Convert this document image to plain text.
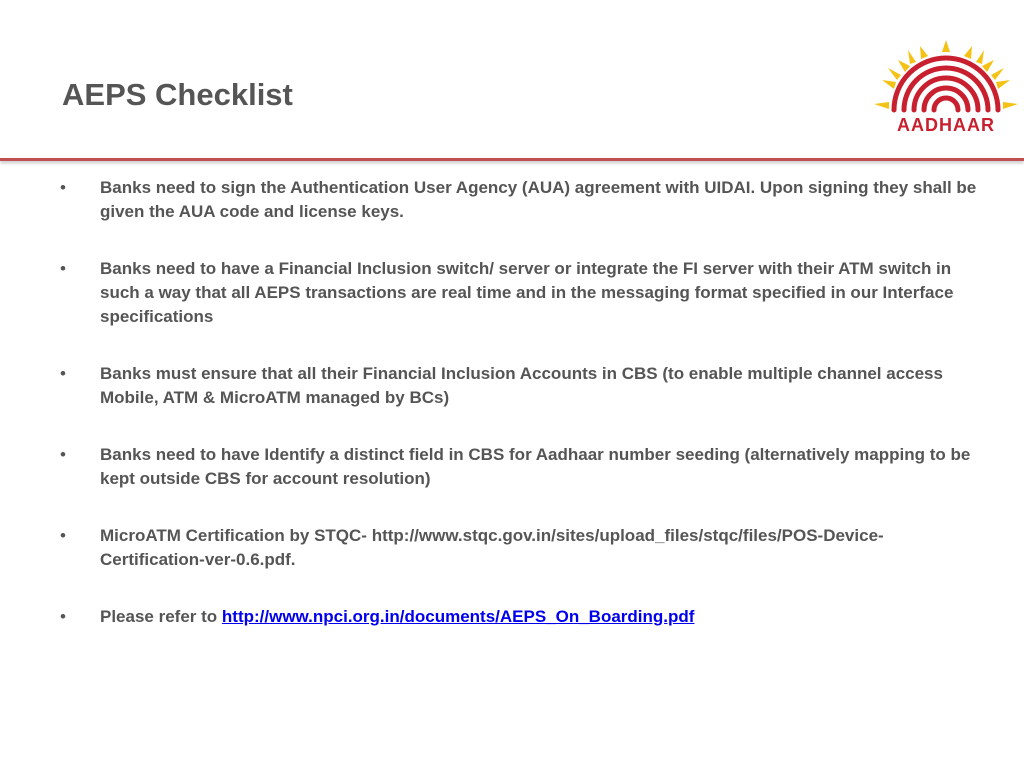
AEPS Checklist
AADHAAR
• Banks need to sign the Authentication User Agency (AUA) agreement with UIDAI. Upon signing they shall be given the AUA code and license keys.
• Banks need to have a Financial Inclusion switch/ server or integrate the FI server with their ATM switch in such a way that all AEPS transactions are real time and in the messaging format specified in our Interface specifications
• Banks must ensure that all their Financial Inclusion Accounts in CBS (to enable multiple channel access Mobile, ATM & MicroATM managed by BCs)
• Banks need to have Identify a distinct field in CBS for Aadhaar number seeding (alternatively mapping to be kept outside CBS for account resolution)
• MicroATM Certification by STQC- http://www.stqc.gov.in/sites/upload_files/stqc/files/POS-Device-Certification-ver-0.6.pdf.
• Please refer to http://www.npci.org.in/documents/AEPS_On_Boarding.pdf
